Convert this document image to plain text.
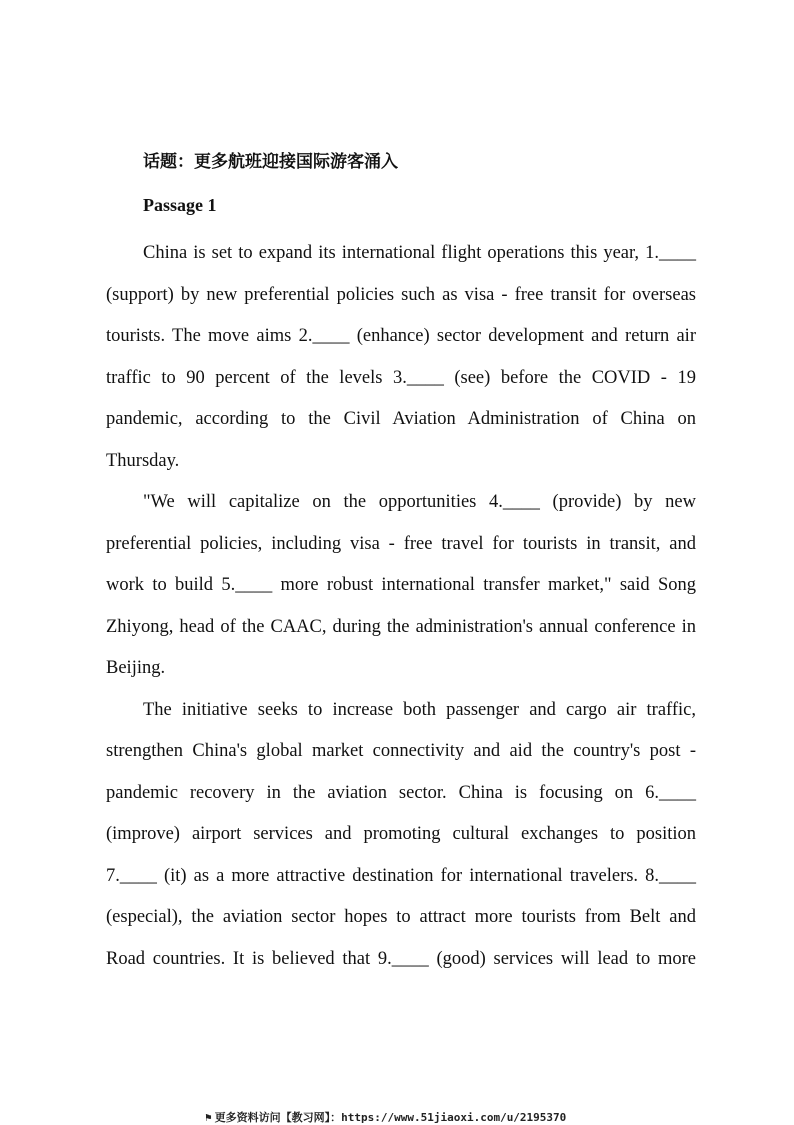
话题：更多航班迎接国际游客涌入

Passage 1

China is set to expand its international flight operations this year, 1.____

(support) by new preferential policies such as visa - free transit for overseas

tourists. The move aims 2.____ (enhance) sector development and return air

traffic to 90 percent of the levels 3.____ (see) before the COVID - 19

pandemic, according to the Civil Aviation Administration of China on

Thursday.

"We will capitalize on the opportunities 4.____ (provide) by new

preferential policies, including visa - free travel for tourists in transit, and

work to build 5.____ more robust international transfer market," said Song

Zhiyong, head of the CAAC, during the administration's annual conference in

Beijing.

The initiative seeks to increase both passenger and cargo air traffic,

strengthen China's global market connectivity and aid the country's post -

pandemic recovery in the aviation sector. China is focusing on 6.____

(improve) airport services and promoting cultural exchanges to position

7.____ (it) as a more attractive destination for international travelers. 8.____

(especial), the aviation sector hopes to attract more tourists from Belt and

Road countries. It is believed that 9.____ (good) services will lead to more

⚑ 更多资料访问【教习网】：https://www.51jiaoxi.com/u/2195370
